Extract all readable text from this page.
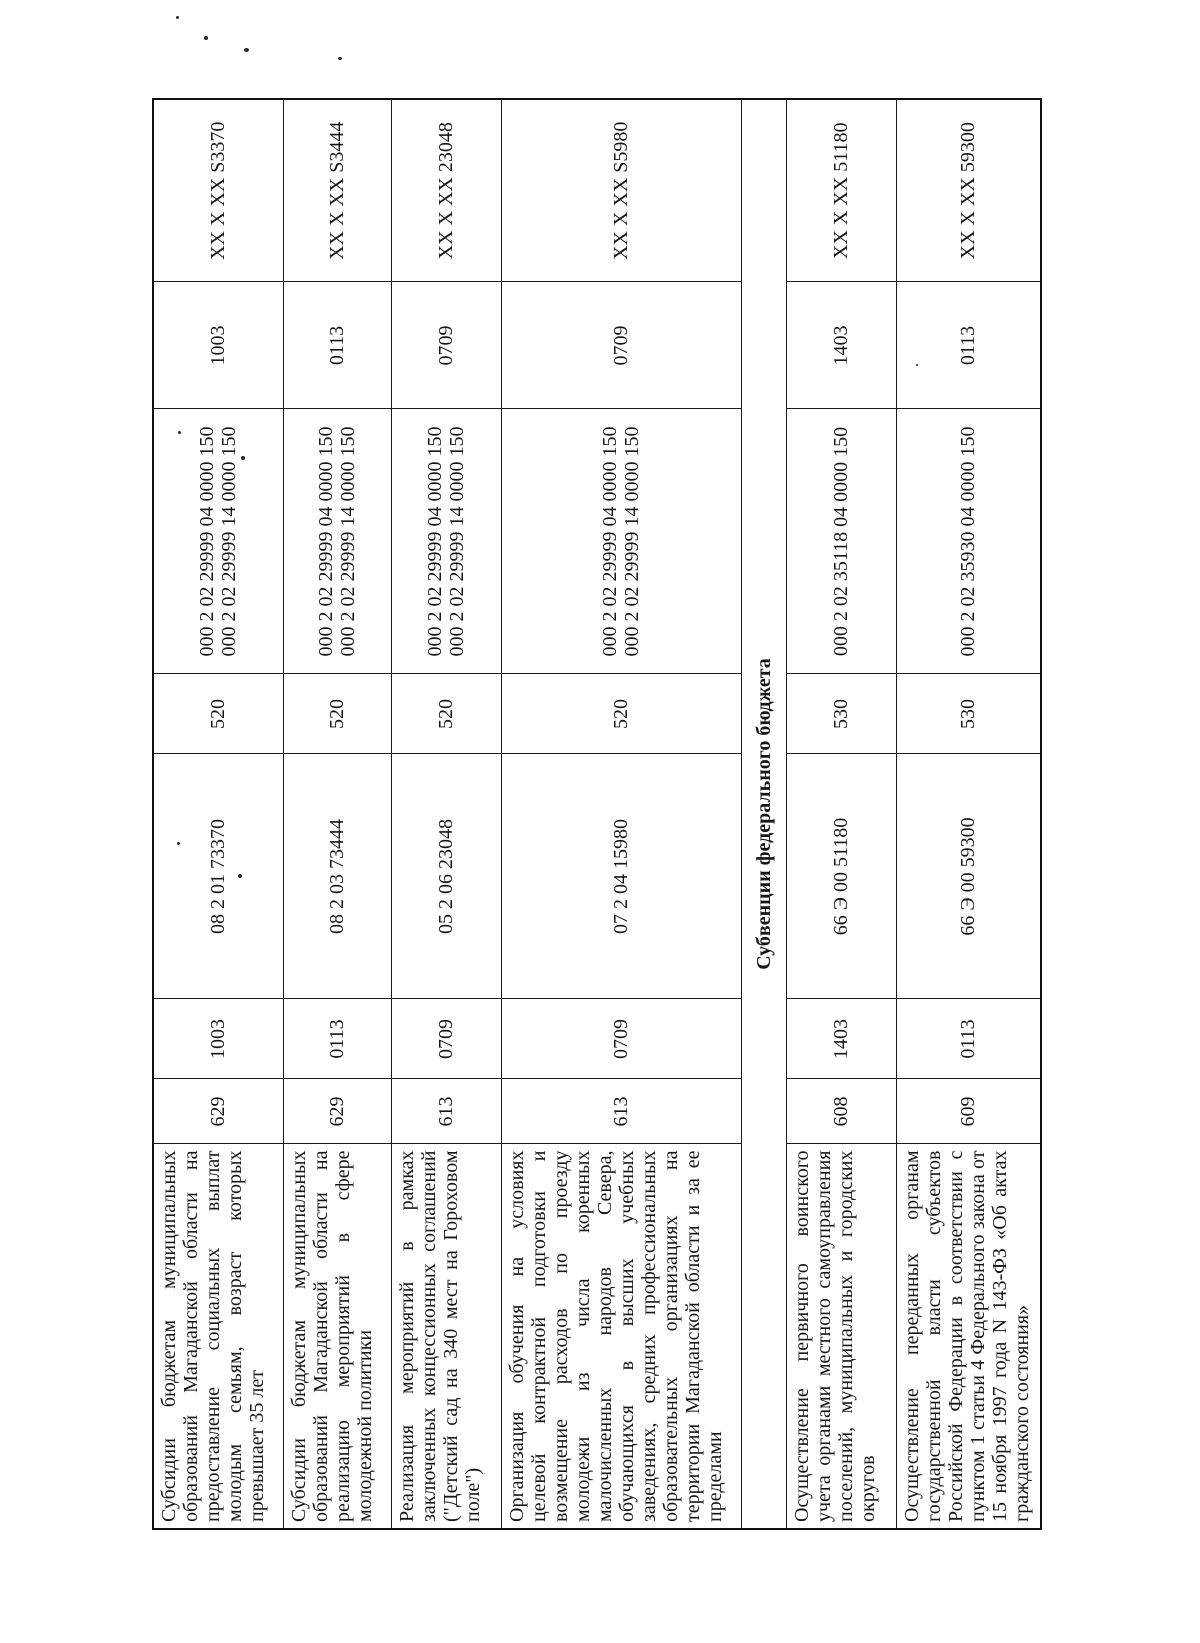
Субсидии бюджетам муниципальных образований Магаданской области на предоставление социальных выплат молодым семьям, возраст которых превышает 35 лет	629	1003	08 2 01 73370	520	000 2 02 29999 04 0000 150 000 2 02 29999 14 0000 150	1003	XX X XX S3370
Субсидии бюджетам муниципальных образований Магаданской области на реализацию мероприятий в сфере молодежной политики	629	0113	08 2 03 73444	520	000 2 02 29999 04 0000 150 000 2 02 29999 14 0000 150	0113	XX X XX S3444
Реализация мероприятий в рамках заключенных концессионных соглашений ("Детский сад на 340 мест на Гороховом поле")	613	0709	05 2 06 23048	520	000 2 02 29999 04 0000 150 000 2 02 29999 14 0000 150	0709	XX X XX 23048
Организация обучения на условиях целевой контрактной подготовки и возмещение расходов по проезду молодежи из числа коренных малочисленных народов Севера, обучающихся в высших учебных заведениях, средних профессиональных образовательных организациях на территории Магаданской области и за ее пределами	613	0709	07 2 04 15980	520	000 2 02 29999 04 0000 150 000 2 02 29999 14 0000 150	0709	XX X XX S5980
Субвенции федерального бюджета							
Осуществление первичного воинского учета органами местного самоуправления поселений, муниципальных и городских округов	608	1403	66 Э 00 51180	530	000 2 02 35118 04 0000 150	1403	XX X XX 51180
Осуществление переданных органам государственной власти субъектов Российской Федерации в соответствии с пунктом 1 статьи 4 Федерального закона от 15 ноября 1997 года N 143-ФЗ «Об актах гражданского состояния»	609	0113	66 Э 00 59300	530	000 2 02 35930 04 0000 150	0113	XX X XX 59300
